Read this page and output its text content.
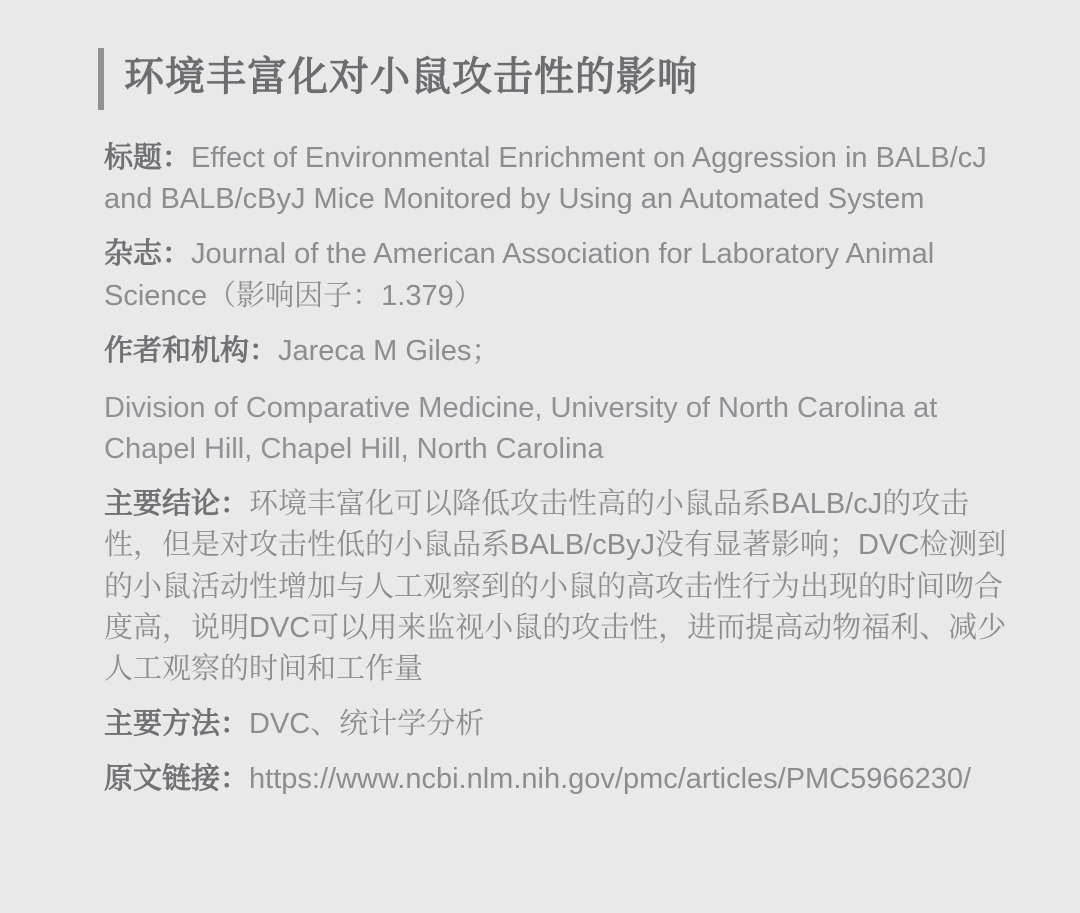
环境丰富化对小鼠攻击性的影响

标题：Effect of Environmental Enrichment on Aggression in BALB/cJ and BALB/cByJ Mice Monitored by Using an Automated System

杂志：Journal of the American Association for Laboratory Animal Science（影响因子：1.379）

作者和机构：Jareca M Giles；

Division of Comparative Medicine, University of North Carolina at Chapel Hill, Chapel Hill, North Carolina

主要结论：环境丰富化可以降低攻击性高的小鼠品系BALB/cJ的攻击性，但是对攻击性低的小鼠品系BALB/cByJ没有显著影响；DVC检测到的小鼠活动性增加与人工观察到的小鼠的高攻击性行为出现的时间吻合度高，说明DVC可以用来监视小鼠的攻击性，进而提高动物福利、减少人工观察的时间和工作量

主要方法：DVC、统计学分析

原文链接：https://www.ncbi.nlm.nih.gov/pmc/articles/PMC5966230/
